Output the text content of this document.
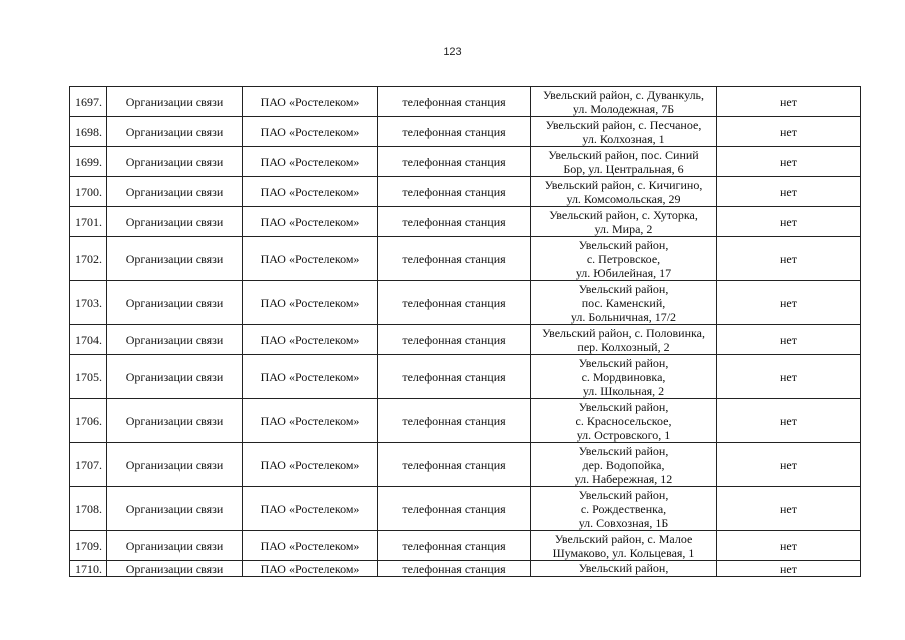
123
1697.	Организации связи	ПАО «Ростелеком»	телефонная станция	Увельский район, с. Дуванкуль,
ул. Молодежная, 7Б	нет
1698.	Организации связи	ПАО «Ростелеком»	телефонная станция	Увельский район, с. Песчаное,
ул. Колхозная, 1	нет
1699.	Организации связи	ПАО «Ростелеком»	телефонная станция	Увельский район, пос. Синий
Бор, ул. Центральная, 6	нет
1700.	Организации связи	ПАО «Ростелеком»	телефонная станция	Увельский район, с. Кичигино,
ул. Комсомольская, 29	нет
1701.	Организации связи	ПАО «Ростелеком»	телефонная станция	Увельский район, с. Хуторка,
ул. Мира, 2	нет
1702.	Организации связи	ПАО «Ростелеком»	телефонная станция	Увельский район,
с. Петровское,
ул. Юбилейная, 17	нет
1703.	Организации связи	ПАО «Ростелеком»	телефонная станция	Увельский район,
пос. Каменский,
ул. Больничная, 17/2	нет
1704.	Организации связи	ПАО «Ростелеком»	телефонная станция	Увельский район, с. Половинка,
пер. Колхозный, 2	нет
1705.	Организации связи	ПАО «Ростелеком»	телефонная станция	Увельский район,
с. Мордвиновка,
ул. Школьная, 2	нет
1706.	Организации связи	ПАО «Ростелеком»	телефонная станция	Увельский район,
с. Красносельское,
ул. Островского, 1	нет
1707.	Организации связи	ПАО «Ростелеком»	телефонная станция	Увельский район,
дер. Водопойка,
ул. Набережная, 12	нет
1708.	Организации связи	ПАО «Ростелеком»	телефонная станция	Увельский район,
с. Рождественка,
ул. Совхозная, 1Б	нет
1709.	Организации связи	ПАО «Ростелеком»	телефонная станция	Увельский район, с. Малое
Шумаково, ул. Кольцевая, 1	нет
1710.	Организации связи	ПАО «Ростелеком»	телефонная станция	Увельский район,	нет
